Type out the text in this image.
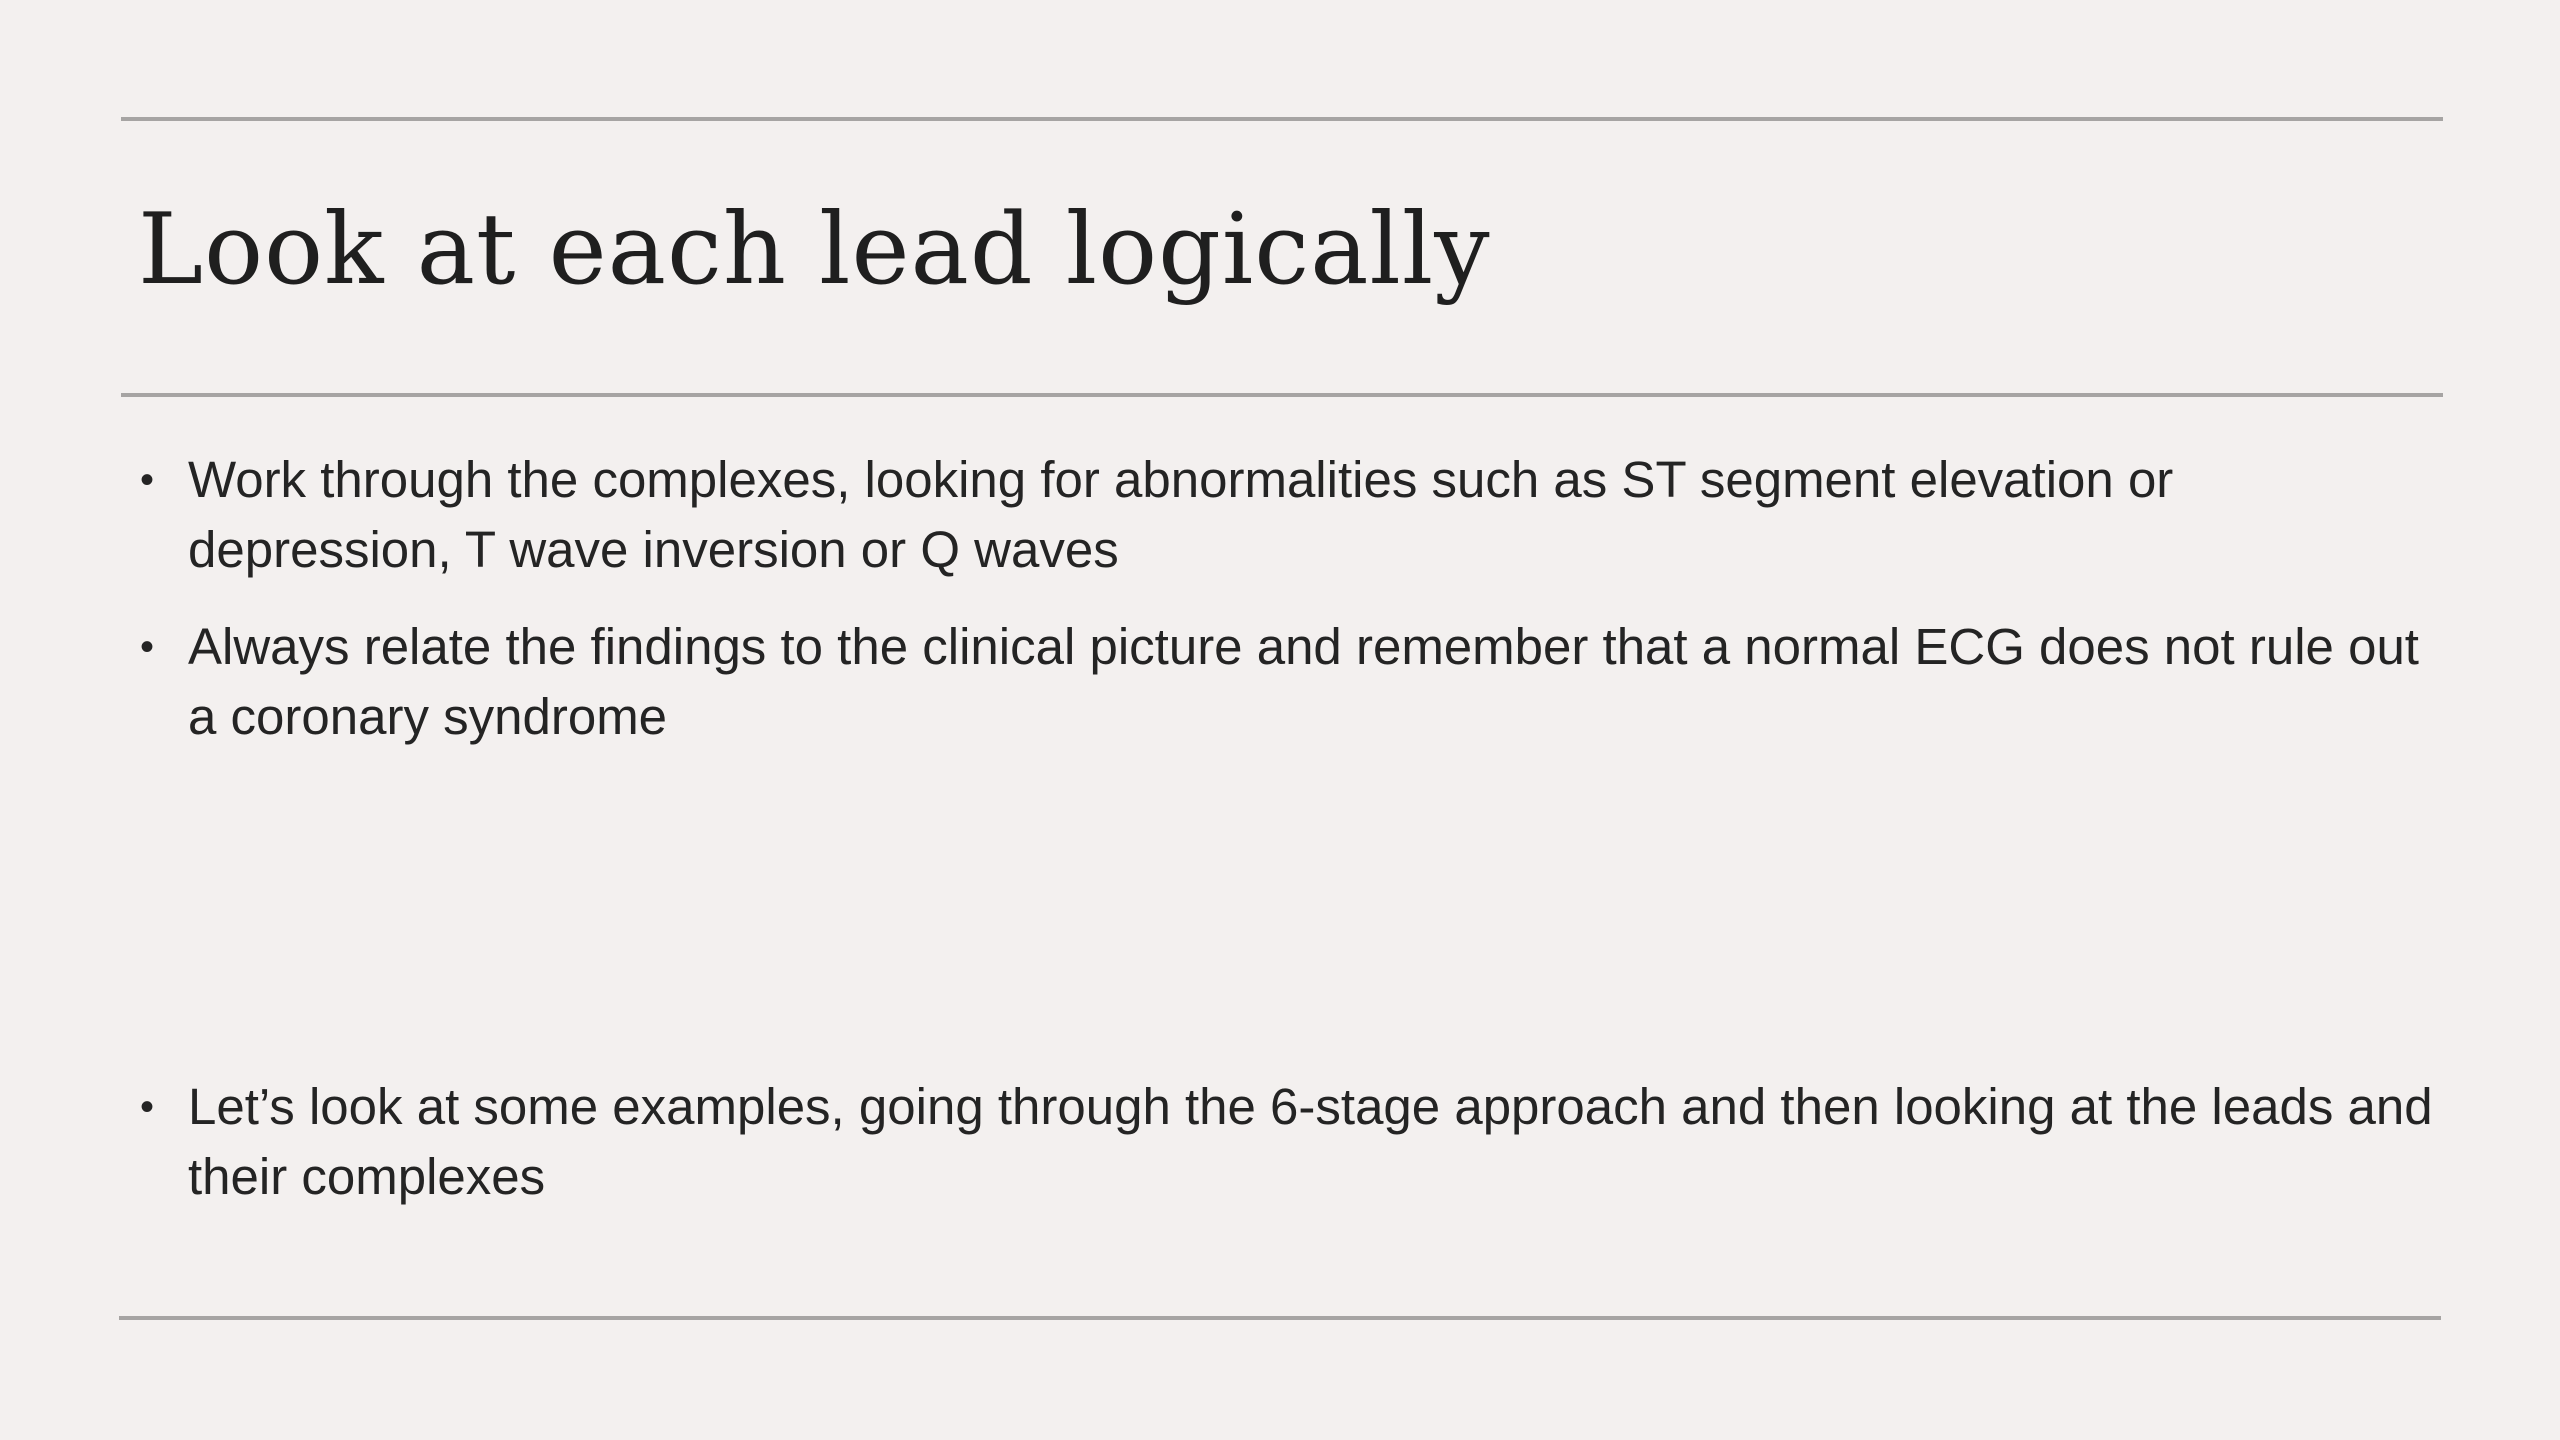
Look at each lead logically
• Work through the complexes, looking for abnormalities such as ST segment elevation or depression, T wave inversion or Q waves
• Always relate the findings to the clinical picture and remember that a normal ECG does not rule out a coronary syndrome
• Let’s look at some examples, going through the 6-stage approach and then looking at the leads and their complexes
